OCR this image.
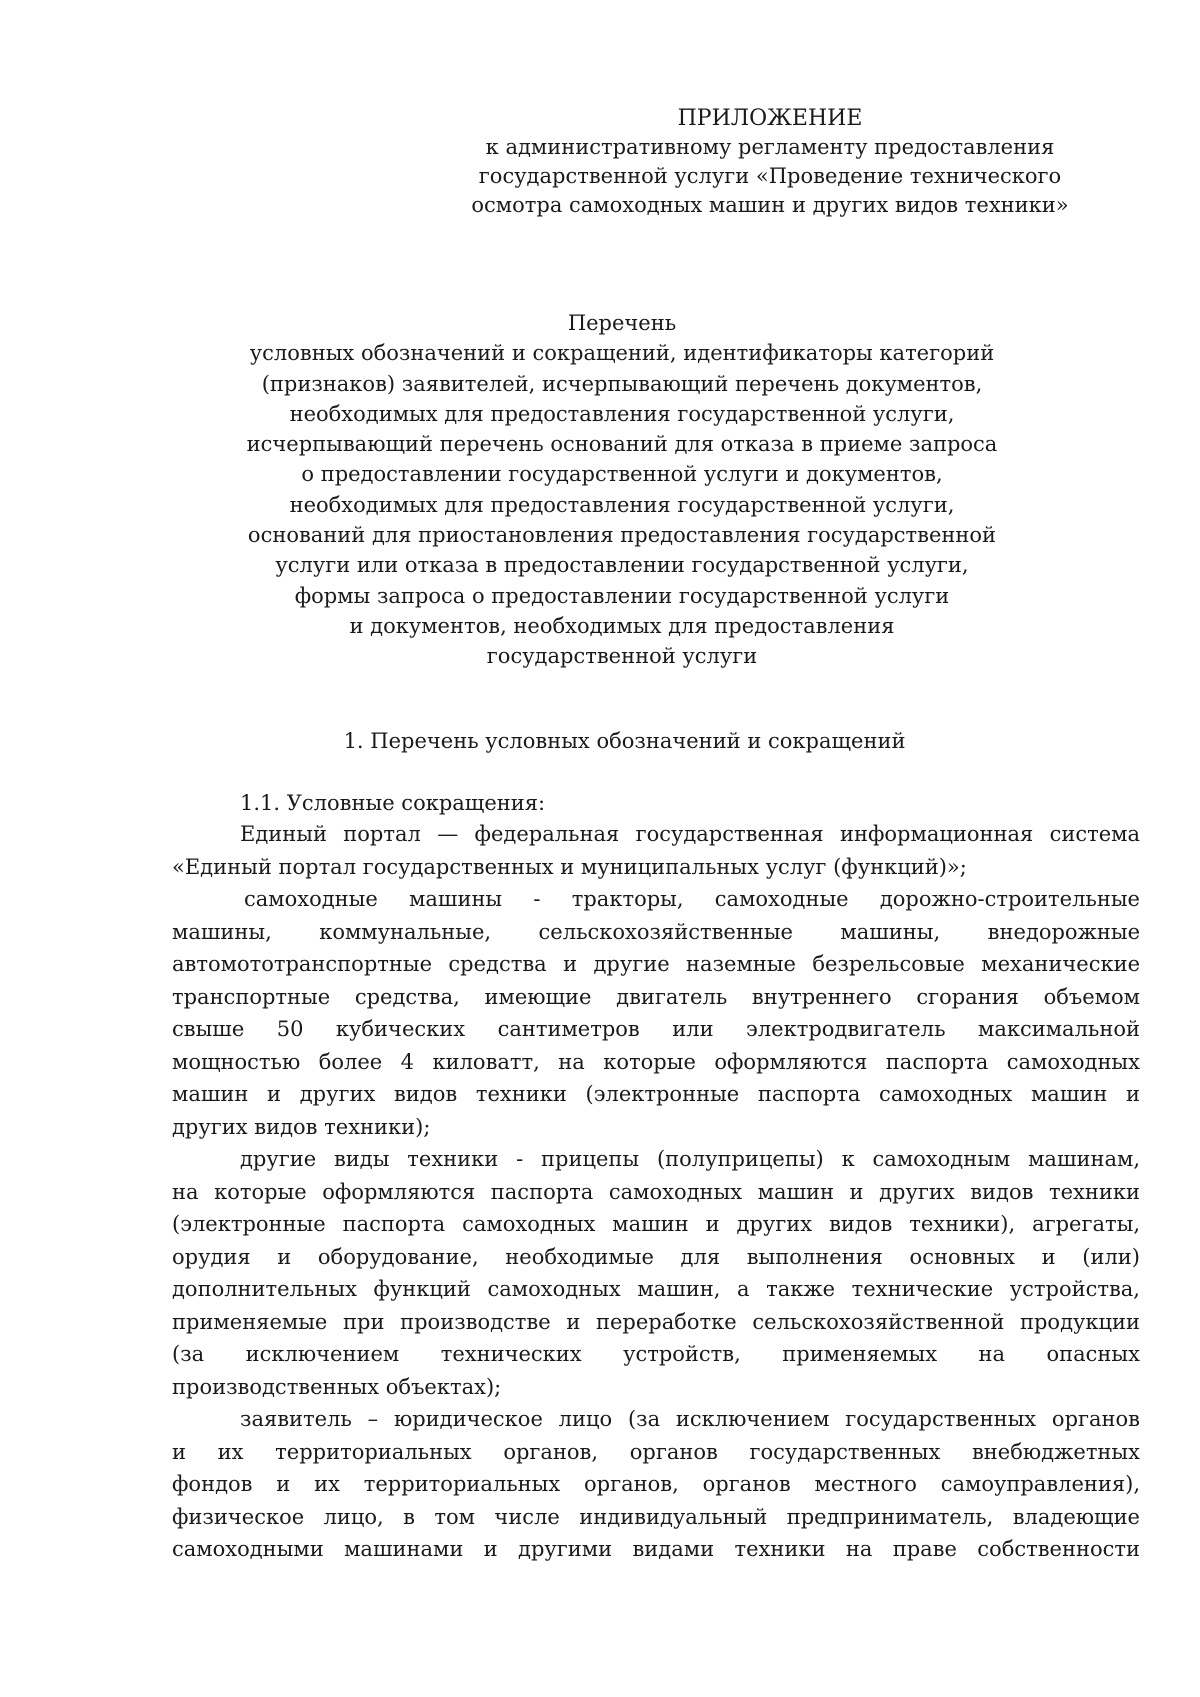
ПРИЛОЖЕНИЕ
к административному регламенту предоставления
государственной услуги «Проведение технического
осмотра самоходных машин и других видов техники»
Перечень
условных обозначений и сокращений, идентификаторы категорий
(признаков) заявителей, исчерпывающий перечень документов,
необходимых для предоставления государственной услуги,
исчерпывающий перечень оснований для отказа в приеме запроса
о предоставлении государственной услуги и документов,
необходимых для предоставления государственной услуги,
оснований для приостановления предоставления государственной
услуги или отказа в предоставлении государственной услуги,
формы запроса о предоставлении государственной услуги
и документов, необходимых для предоставления
государственной услуги
1. Перечень условных обозначений и сокращений
1.1. Условные сокращения:
Единый портал — федеральная государственная информационная система
«Единый портал государственных и муниципальных услуг (функций)»;
самоходные машины - тракторы, самоходные дорожно-строительные
машины, коммунальные, сельскохозяйственные машины, внедорожные
автомототранспортные средства и другие наземные безрельсовые механические
транспортные средства, имеющие двигатель внутреннего сгорания объемом
свыше 50 кубических сантиметров или электродвигатель максимальной
мощностью более 4 киловатт, на которые оформляются паспорта самоходных
машин и других видов техники (электронные паспорта самоходных машин и
других видов техники);
другие виды техники - прицепы (полуприцепы) к самоходным машинам,
на которые оформляются паспорта самоходных машин и других видов техники
(электронные паспорта самоходных машин и других видов техники), агрегаты,
орудия и оборудование, необходимые для выполнения основных и (или)
дополнительных функций самоходных машин, а также технические устройства,
применяемые при производстве и переработке сельскохозяйственной продукции
(за исключением технических устройств, применяемых на опасных
производственных объектах);
заявитель – юридическое лицо (за исключением государственных органов
и их территориальных органов, органов государственных внебюджетных
фондов и их территориальных органов, органов местного самоуправления),
физическое лицо, в том числе индивидуальный предприниматель, владеющие
самоходными машинами и другими видами техники на праве собственности
